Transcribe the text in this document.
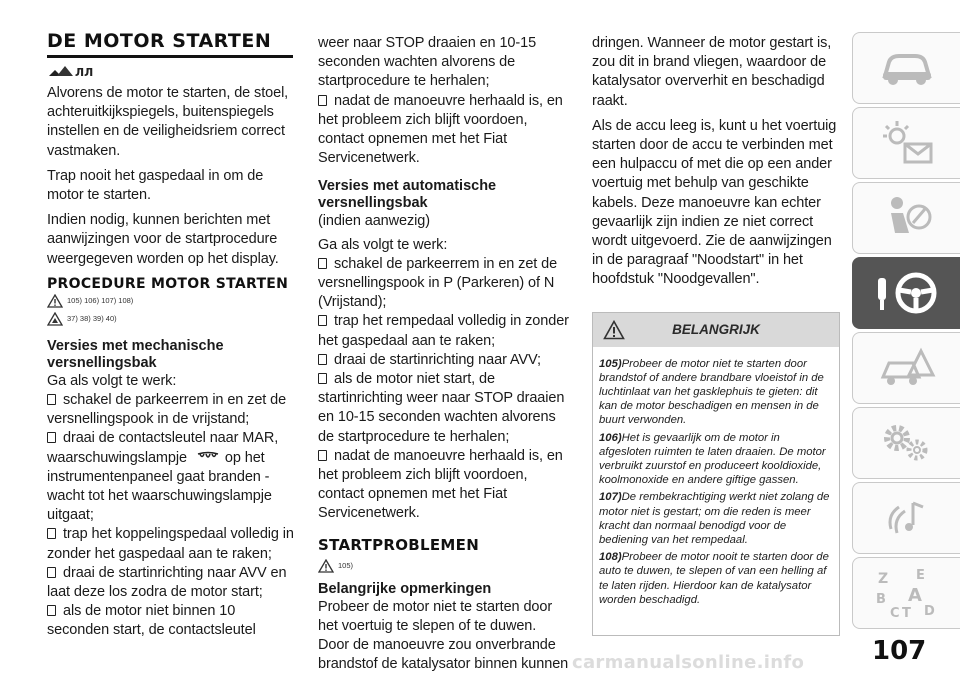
DE MOTOR STARTEN
ЛЛ
Alvorens de motor te starten, de stoel, achteruitkijkspiegels, buitenspiegels instellen en de veiligheidsriem correct vastmaken.
Trap nooit het gaspedaal in om de motor te starten.
Indien nodig, kunnen berichten met aanwijzingen voor de startprocedure weergegeven worden op het display.
PROCEDURE MOTOR STARTEN
105) 106) 107) 108)
37) 38) 39) 40)
Versies met mechanische versnellingsbak
Ga als volgt te werk:
schakel de parkeerrem in en zet de versnellingspook in de vrijstand;
draai de contactsleutel naar MAR, waarschuwingslampje	op het instrumentenpaneel gaat branden - wacht tot het waarschuwingslampje uitgaat;
trap het koppelingspedaal volledig in zonder het gaspedaal aan te raken;
draai de startinrichting naar AVV en laat deze los zodra de motor start;
als de motor niet binnen 10 seconden start, de contactsleutel
weer naar STOP draaien en 10-15 seconden wachten alvorens de startprocedure te herhalen;
nadat de manoeuvre herhaald is, en het probleem zich blijft voordoen, contact opnemen met het Fiat Servicenetwerk.
Versies met automatische versnellingsbak
(indien aanwezig)
Ga als volgt te werk:
schakel de parkeerrem in en zet de versnellingspook in P (Parkeren) of N (Vrijstand);
trap het rempedaal volledig in zonder het gaspedaal aan te raken;
draai de startinrichting naar AVV;
als de motor niet start, de startinrichting weer naar STOP draaien en 10-15 seconden wachten alvorens de startprocedure te herhalen;
nadat de manoeuvre herhaald is, en het probleem zich blijft voordoen, contact opnemen met het Fiat Servicenetwerk.
STARTPROBLEMEN
105)
Belangrijke opmerkingen
Probeer de motor niet te starten door het voertuig te slepen of te duwen. Door de manoeuvre zou onverbrande brandstof de katalysator binnen kunnen
dringen. Wanneer de motor gestart is, zou dit in brand vliegen, waardoor de katalysator oververhit en beschadigd raakt.
Als de accu leeg is, kunt u het voertuig starten door de accu te verbinden met een hulpaccu of met die op een ander voertuig met behulp van geschikte kabels. Deze manoeuvre kan echter gevaarlijk zijn indien ze niet correct wordt uitgevoerd. Zie de aanwijzingen in de paragraaf "Noodstart" in het hoofdstuk "Noodgevallen".
BELANGRIJK
105)Probeer de motor niet te starten door brandstof of andere brandbare vloeistof in de luchtinlaat van het gasklephuis te gieten: dit kan de motor beschadigen en mensen in de buurt verwonden.
106)Het is gevaarlijk om de motor in afgesloten ruimten te laten draaien. De motor verbruikt zuurstof en produceert kooldioxide, koolmonoxide en andere giftige gassen.
107)De rembekrachtiging werkt niet zolang de motor niet is gestart; om die reden is meer kracht dan normaal benodigd voor de bediening van het rempedaal.
108)Probeer de motor nooit te starten door de auto te duwen, te slepen of van een helling af te laten rijden. Hierdoor kan de katalysator worden beschadigd.
Z E
B A
C T D
107
carmanualsonline.info
